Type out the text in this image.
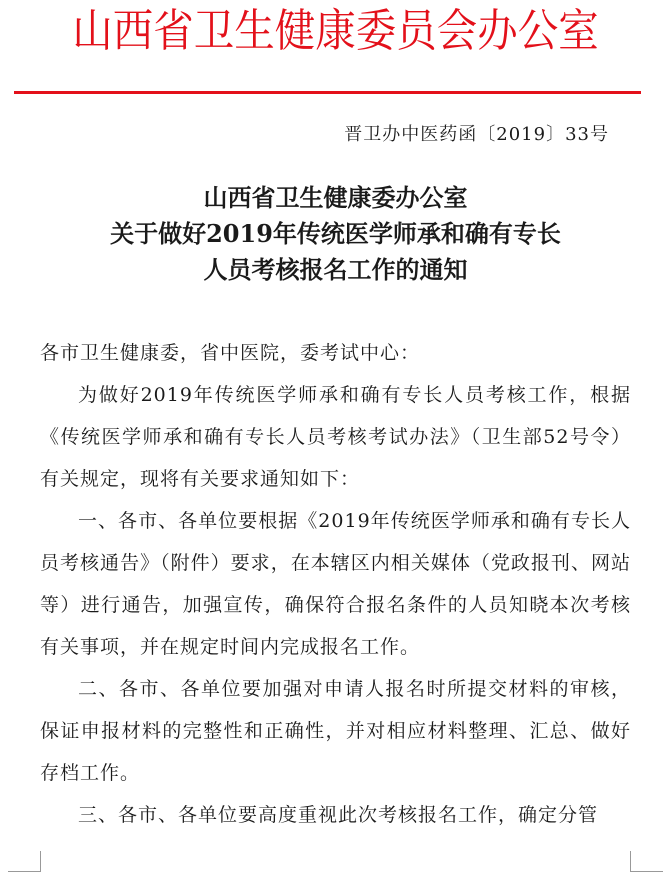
山西省卫生健康委员会办公室
晋卫办中医药函〔2019〕33号
山西省卫生健康委办公室
关于做好2019年传统医学师承和确有专长
人员考核报名工作的通知

各市卫生健康委，省中医院，委考试中心：

为做好2019年传统医学师承和确有专长人员考核工作，根据《传统医学师承和确有专长人员考核考试办法》（卫生部52号令）有关规定，现将有关要求通知如下：

一、各市、各单位要根据《2019年传统医学师承和确有专长人员考核通告》（附件）要求，在本辖区内相关媒体（党政报刊、网站等）进行通告，加强宣传，确保符合报名条件的人员知晓本次考核有关事项，并在规定时间内完成报名工作。

二、各市、各单位要加强对申请人报名时所提交材料的审核，保证申报材料的完整性和正确性，并对相应材料整理、汇总、做好存档工作。

三、各市、各单位要高度重视此次考核报名工作，确定分管
